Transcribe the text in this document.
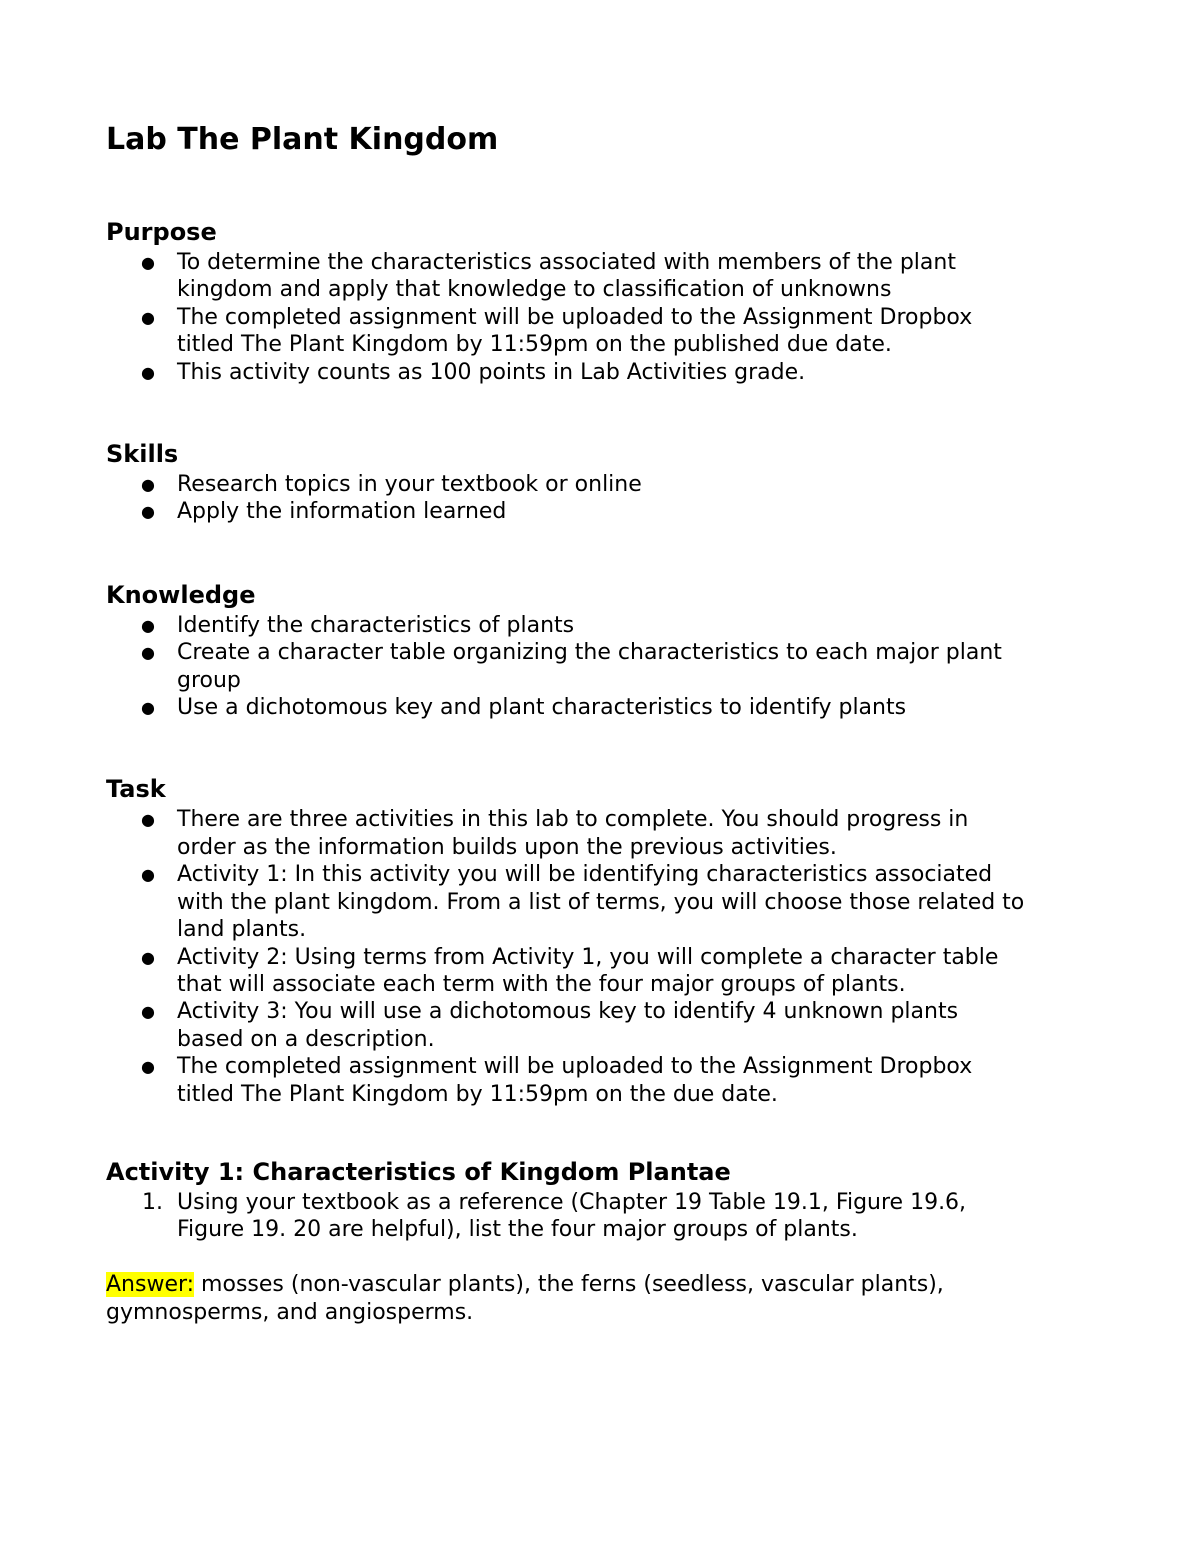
Lab The Plant Kingdom
Purpose
● To determine the characteristics associated with members of the plant
kingdom and apply that knowledge to classification of unknowns
● The completed assignment will be uploaded to the Assignment Dropbox
titled The Plant Kingdom by 11:59pm on the published due date.
● This activity counts as 100 points in Lab Activities grade.
Skills
● Research topics in your textbook or online
● Apply the information learned
Knowledge
● Identify the characteristics of plants
● Create a character table organizing the characteristics to each major plant
group
● Use a dichotomous key and plant characteristics to identify plants
Task
● There are three activities in this lab to complete. You should progress in
order as the information builds upon the previous activities.
● Activity 1: In this activity you will be identifying characteristics associated
with the plant kingdom. From a list of terms, you will choose those related to
land plants.
● Activity 2: Using terms from Activity 1, you will complete a character table
that will associate each term with the four major groups of plants.
● Activity 3: You will use a dichotomous key to identify 4 unknown plants
based on a description.
● The completed assignment will be uploaded to the Assignment Dropbox
titled The Plant Kingdom by 11:59pm on the due date.
Activity 1: Characteristics of Kingdom Plantae
1. Using your textbook as a reference (Chapter 19 Table 19.1, Figure 19.6,
Figure 19. 20 are helpful), list the four major groups of plants.
Answer: mosses (non-vascular plants), the ferns (seedless, vascular plants),
gymnosperms, and angiosperms.
